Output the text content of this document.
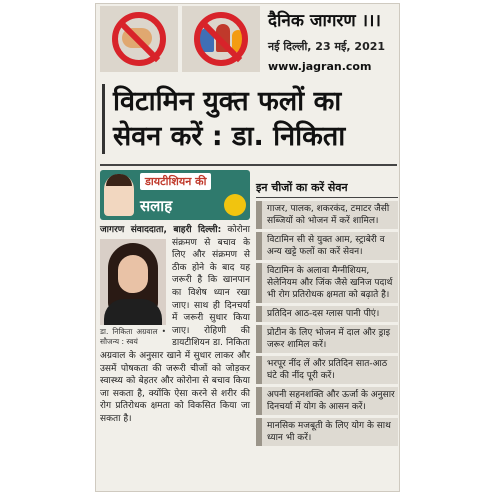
दैनिक जागरण ।।।
नई दिल्ली, 23 मई, 2021
www.jagran.com
विटामिन युक्त फलों का सेवन करें : डा. निकिता
डायटीशियन की
सलाह
जागरण संवाददाता, बाहरी दिल्ली:
डा. निकिता अग्रवाल • सौजन्य : स्वयं
कोरोना संक्रमण से बचाव के लिए और संक्रमण से ठीक होने के बाद यह जरूरी है कि खानपान का विशेष ध्यान रखा जाए। साथ ही दिनचर्या में जरूरी सुधार किया जाए। रोहिणी की डायटीशियन डा. निकिता अग्रवाल के अनुसार खाने में सुधार लाकर और उसमें पोषकता की जरूरी चीजों को जोड़कर स्वास्थ्य को बेहतर और कोरोना से बचाव किया जा सकता है, क्योंकि ऐसा करने से शरीर की रोग प्रतिरोधक क्षमता को विकसित किया जा सकता है।
इन चीजों का करें सेवन
गाजर, पालक, शकरकंद, टमाटर जैसी सब्जियों को भोजन में करें शामिल।
विटामिन सी से युक्त आम, स्ट्राबेरी व अन्य खट्टे फलों का करें सेवन।
विटामिन के अलावा मैग्नीशियम, सेलेनियम और जिंक जैसे खनिज पदार्थ भी रोग प्रतिरोधक क्षमता को बढ़ाते है।
प्रतिदिन आठ-दस ग्लास पानी पीएं।
प्रोटीन के लिए भोजन में दाल और ड्राइ जरूर शामिल करें।
भरपूर नींद लें और प्रतिदिन सात-आठ घंटे की नींद पूरी करें।
अपनी सहनशक्ति और ऊर्जा के अनुसार दिनचर्या में योग के आसन करें।
मानसिक मजबूती के लिए योग के साथ ध्यान भी करें।
